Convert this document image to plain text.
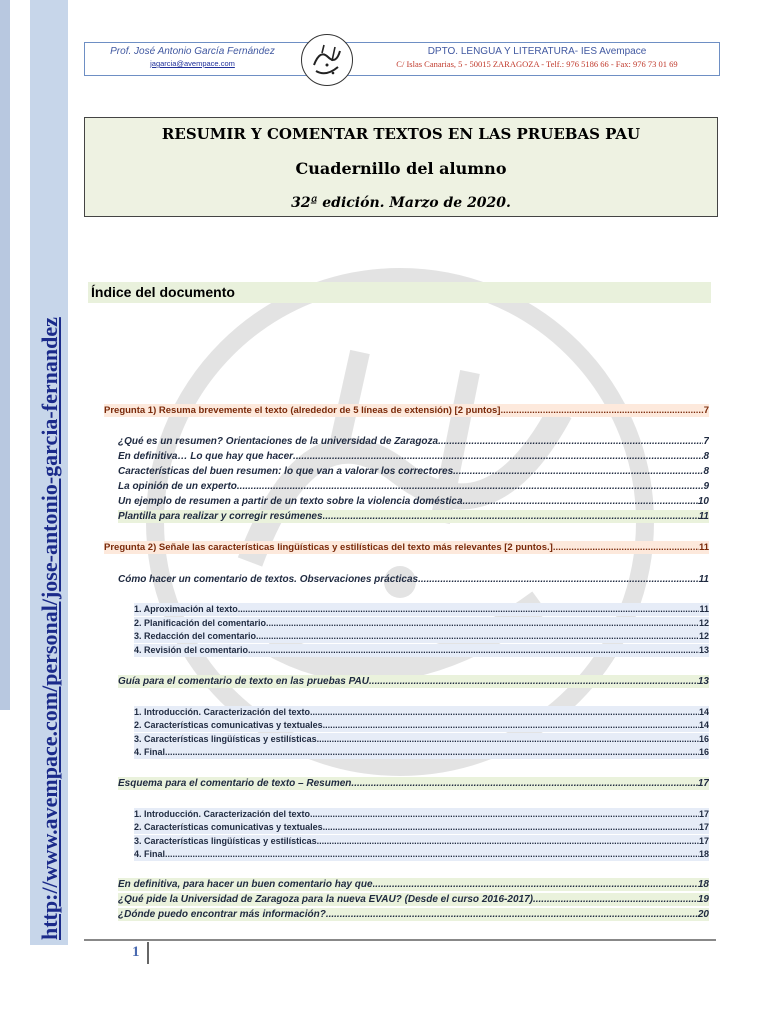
http://www.avempace.com/personal/jose-antonio-garcia-fernandez
Prof. José Antonio García Fernández
jagarcia@avempace.com
DPTO. LENGUA Y LITERATURA- IES Avempace
C/ Islas Canarias, 5 - 50015 ZARAGOZA - Telf.: 976 5186 66 - Fax: 976 73 01 69
RESUMIR Y COMENTAR TEXTOS EN LAS PRUEBAS PAU
Cuadernillo del alumno
32ª edición. Marzo de 2020.
Índice del documento
Pregunta 1) Resuma brevemente el texto (alrededor de 5 líneas de extensión) [2 puntos] .....	7
¿Qué es un resumen? Orientaciones de la universidad de Zaragoza .....	7
En definitiva… Lo que hay que hacer .....	8
Características del buen resumen: lo que van a valorar los correctores .....	8
La opinión de un experto .....	9
Un ejemplo de resumen a partir de un texto sobre la violencia doméstica .....	10
Plantilla para realizar y corregir resúmenes .....	11
Pregunta 2) Señale las características lingüísticas y estilísticas del texto más relevantes [2 puntos.] .....	11
Cómo hacer un comentario de textos. Observaciones prácticas. .....	11
1. Aproximación al texto .....	11
2. Planificación del comentario .....	12
3. Redacción del comentario .....	12
4. Revisión del comentario .....	13
Guía para el comentario de texto en las pruebas PAU .....	13
1. Introducción. Caracterización del texto .....	14
2. Características comunicativas y textuales .....	14
3. Características lingüísticas y estilísticas .....	16
4. Final .....	16
Esquema para el comentario de texto – Resumen .....	17
1. Introducción. Caracterización del texto .....	17
2. Características comunicativas y textuales .....	17
3. Características lingüísticas y estilísticas .....	17
4. Final .....	18
En definitiva, para hacer un buen comentario hay que .....	18
¿Qué pide la Universidad de Zaragoza para la nueva EVAU? (Desde el curso 2016-2017) .....	19
¿Dónde puedo encontrar más información? .....	20
1
